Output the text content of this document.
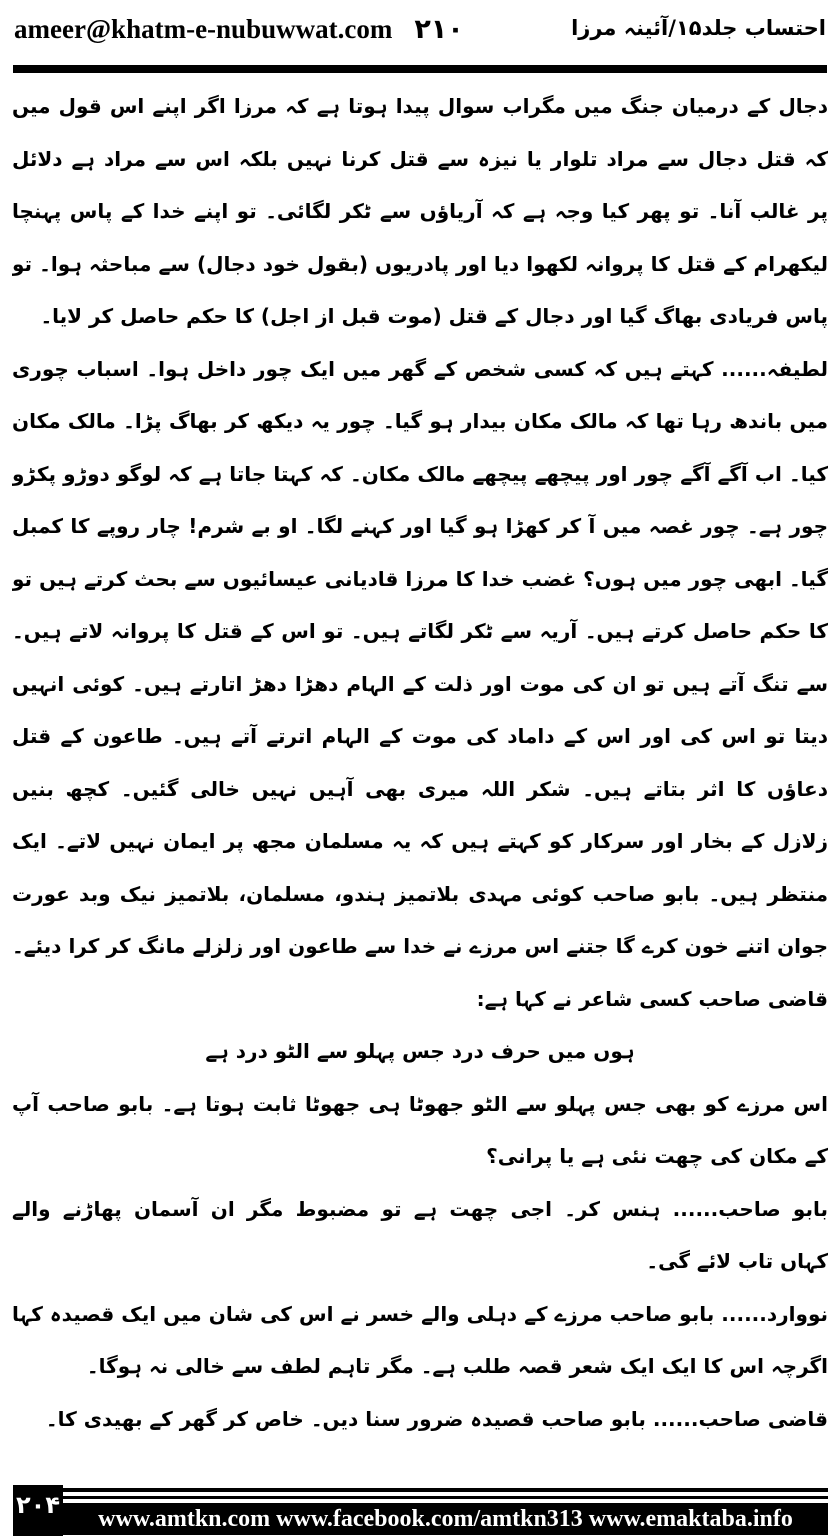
ameer@khatm-e-nubuwwat.com ۲۱۰	احتساب جلد۱۵/آئینہ مرزا
دجال کے درمیان جنگ میں مگراب سوال پیدا ہوتا ہے کہ مرزا اگر اپنے اس قول میں
کہ قتل دجال سے مراد تلوار یا نیزہ سے قتل کرنا نہیں بلکہ اس سے مراد ہے دلائل
پر غالب آنا۔ تو پھر کیا وجہ ہے کہ آریاؤں سے ٹکر لگائی۔ تو اپنے خدا کے پاس پہنچا
لیکھرام کے قتل کا پروانہ لکھوا دیا اور پادریوں (بقول خود دجال) سے مباحثہ ہوا۔ تو
پاس فریادی بھاگ گیا اور دجال کے قتل (موت قبل از اجل) کا حکم حاصل کر لایا۔
لطیفہ...... کہتے ہیں کہ کسی شخص کے گھر میں ایک چور داخل ہوا۔ اسباب چوری
میں باندھ رہا تھا کہ مالک مکان بیدار ہو گیا۔ چور یہ دیکھ کر بھاگ پڑا۔ مالک مکان
کیا۔ اب آگے آگے چور اور پیچھے پیچھے مالک مکان۔ کہ کہتا جاتا ہے کہ لوگو دوڑو پکڑو
چور ہے۔ چور غصہ میں آ کر کھڑا ہو گیا اور کہنے لگا۔ او بے شرم! چار روپے کا کمبل
گیا۔ ابھی چور میں ہوں؟ غضب خدا کا مرزا قادیانی عیسائیوں سے بحث کرتے ہیں تو
کا حکم حاصل کرتے ہیں۔ آریہ سے ٹکر لگاتے ہیں۔ تو اس کے قتل کا پروانہ لاتے ہیں۔
سے تنگ آتے ہیں تو ان کی موت اور ذلت کے الہام دھڑا دھڑ اتارتے ہیں۔ کوئی انہیں
دیتا تو اس کی اور اس کے داماد کی موت کے الہام اترتے آتے ہیں۔ طاعون کے قتل
دعاؤں کا اثر بتاتے ہیں۔ شکر اللہ میری بھی آہیں نہیں خالی گئیں۔ کچھ بنیں
زلازل کے بخار اور سرکار کو کہتے ہیں کہ یہ مسلمان مجھ پر ایمان نہیں لاتے۔ ایک
منتظر ہیں۔ بابو صاحب کوئی مہدی بلاتمیز ہندو، مسلمان، بلاتمیز نیک وبد عورت
جوان اتنے خون کرے گا جتنے اس مرزے نے خدا سے طاعون اور زلزلے مانگ کر کرا دیئے۔
قاضی صاحب کسی شاعر نے کہا ہے:
ہوں میں حرف درد جس پہلو سے الٹو درد ہے
اس مرزے کو بھی جس پہلو سے الٹو جھوٹا ہی جھوٹا ثابت ہوتا ہے۔ بابو صاحب آپ
کے مکان کی چھت نئی ہے یا پرانی؟
بابو صاحب...... ہنس کر۔ اجی چھت ہے تو مضبوط مگر ان آسمان پھاڑنے والے
کہاں تاب لائے گی۔
نووارد...... بابو صاحب مرزے کے دہلی والے خسر نے اس کی شان میں ایک قصیدہ کہا
اگرچہ اس کا ایک ایک شعر قصہ طلب ہے۔ مگر تاہم لطف سے خالی نہ ہوگا۔
قاضی صاحب...... بابو صاحب قصیدہ ضرور سنا دیں۔ خاص کر گھر کے بھیدی کا۔
۲۰۴	www.amtkn.com www.facebook.com/amtkn313 www.emaktaba.info
